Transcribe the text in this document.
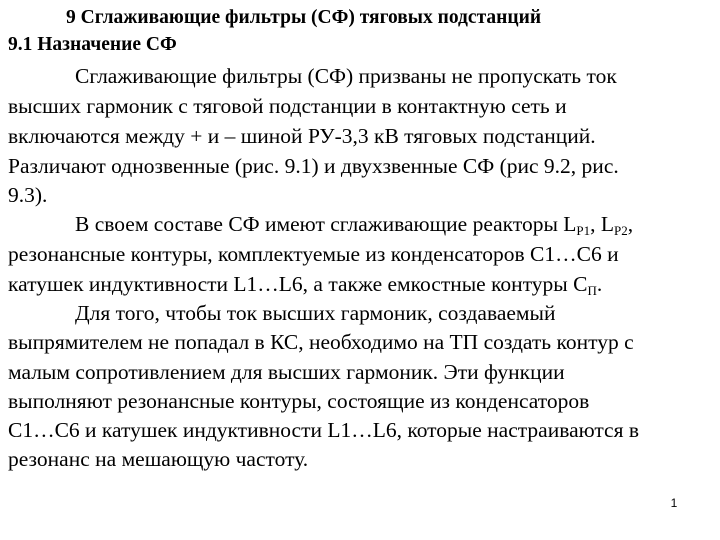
9 Сглаживающие фильтры (СФ) тяговых подстанций
9.1 Назначение СФ
Сглаживающие фильтры (СФ) призваны не пропускать ток
высших гармоник с тяговой подстанции в контактную сеть и
включаются между + и – шиной РУ-3,3 кВ тяговых подстанций.
Различают однозвенные (рис. 9.1) и двухзвенные СФ (рис 9.2, рис.
9.3).
В своем составе СФ имеют сглаживающие реакторы $L_{P1}$, $L_{P2}$,
резонансные контуры, комплектуемые из конденсаторов С1…С6 и
катушек индуктивности L1…L6, а также емкостные контуры $С_П$.
Для того, чтобы ток высших гармоник, создаваемый
выпрямителем не попадал в КС, необходимо на ТП создать контур с
малым сопротивлением для высших гармоник. Эти функции
выполняют резонансные контуры, состоящие из конденсаторов
С1…С6 и катушек индуктивности L1…L6, которые настраиваются в
резонанс на мешающую частоту.
1
